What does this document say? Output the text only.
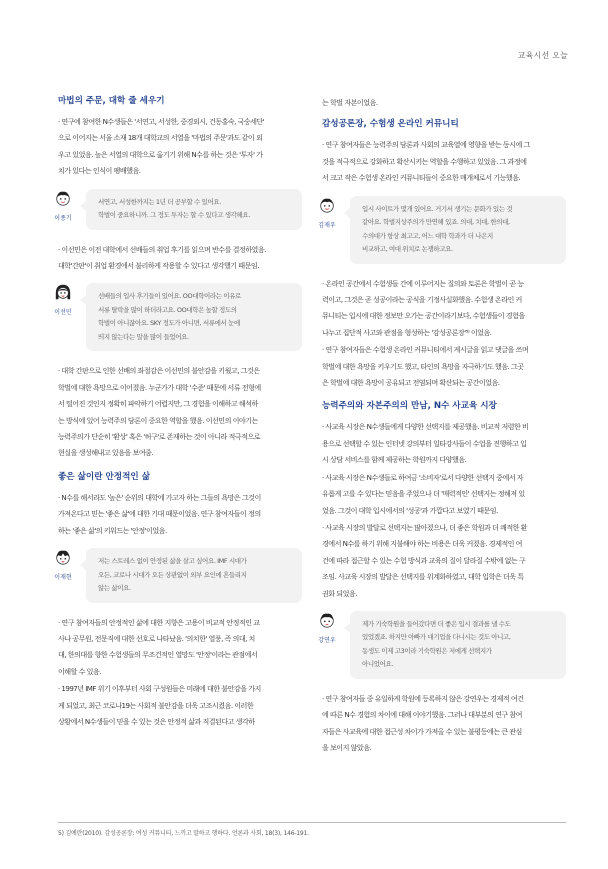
교육시선 오늘
마법의 주문, 대학 줄 세우기
· 연구에 참여한 N수생들은 '서연고, 서성한, 중경외시, 건동홍숙, 국숭세단'
으로 이어지는 서울 소재 18개 대학교의 서열을 '마법의 주문'과도 같이 외
우고 있었음. 높은 서열의 대학으로 옮기기 위해 N수를 하는 것은 '투자' 가
치가 있다는 인식이 팽배했음.
이종기
서연고, 서성한까지는 1년 더 공부할 수 있어요.
학벌이 중요하니까. 그 정도 투자는 할 수 있다고 생각해요.
· 이선민은 이전 대학에서 선배들의 취업 후기를 읽으며 반수를 결정하였음.
대학'간판'이 취업 환경에서 불리하게 작용할 수 있다고 생각했기 때문임.
이선민
선배들의 입사 후기들이 있어요. OO대학이라는 이유로
서류 탈락을 많이 하더라고요. OO대학은 높할 정도의
학벌이 아니잖아요. SKY 정도가 아니면, 서류에서 눈에
띄지 않는다는 말을 많이 들었어요.
· 대학 간판으로 인한 선배의 좌절감은 이선민의 불안감을 키웠고, 그것은
학벌에 대한 욕망으로 이어졌음. 누군가가 대학 '수준' 때문에 서류 전형에
서 떨어진 것인지 정확히 파악하기 어렵지만, 그 경험을 이해하고 해석하
는 방식에 있어 능력주의 담론이 중요한 역할을 했음. 이선민의 이야기는
능력주의가 단순히 '환상' 혹은 '허구'로 존재하는 것이 아니라 적극적으로
현실을 생성해내고 있음을 보여줌.
좋은 삶이란 안정적인 삶
· N수를 해서라도 '높은' 순위의 대학에 가고자 하는 그들의 욕망은 그것이
가져온다고 믿는 '좋은 삶'에 대한 기대 때문이었음. 연구 참여자들이 정의
하는 '좋은 삶'의 키워드는 '안정'이었음.
이재현
저는 스트레스 없이 안정된 삶을 살고 싶어요. IMF 시대가
오든, 코로나 시대가 오든 상관없이 외부 요인에 흔들리지
않는 삶이요.
· 연구 참여자들의 안정적인 삶에 대한 지향은 고용이 비교적 안정적인 교
사나 공무원, 전문직에 대한 선호로 나타났음. '의치한' 열풍, 즉 의대, 치
대, 한의대를 향한 수험생들의 무조건적인 열망도 '안정'이라는 관점에서
이해할 수 있음.
· 1997년 IMF 위기 이후부터 사회 구성원들은 미래에 대한 불안감을 가지
게 되었고, 최근 코로나19는 사회적 불안감을 더욱 고조시켰음. 이러한
상황에서 N수생들이 믿을 수 있는 것은 안정적 삶과 직결된다고 생각하
는 학벌 자본이었음.
감성공론장, 수험생 온라인 커뮤니티
· 연구 참여자들은 능력주의 담론과 사회의 교육열에 영향을 받는 동시에 그
것을 적극적으로 강화하고 확산시키는 역할을 수행하고 있었음. 그 과정에
서 크고 작은 수험생 온라인 커뮤니티들이 중요한 매개체로서 기능했음.
김재우
입시 사이트가 몇개 있어요. 거기서 생기는 문화가 있는 것
같아요. 학벌지상주의가 만연해 있죠. 의대, 치대, 한의대,
수의대가 항상 최고고, 어느 대학 학과가 더 나은지
비교하고, 여대 위치로 논쟁하고요.
· 온라인 공간에서 수험생들 간에 이루어지는 질의와 토론은 학벌이 곧 능
력이고, 그것은 곧 성공이라는 공식을 기정사실화했음. 수험생 온라인 커
뮤니티는 입시에 대한 정보만 오가는 공간이라기보다, 수험생들이 경험을
나누고 집단적 사고와 관점을 형성하는 '감성공론장'⁵⁾ 이었음.
· 연구 참여자들은 수험생 온라인 커뮤니티에서 게시글을 읽고 댓글을 쓰며
학벌에 대한 욕망을 키우기도 했고, 타인의 욕망을 자극하기도 했음. 그곳
은 학벌에 대한 욕망이 공유되고 전염되며 확산되는 공간이었음.
능력주의와 자본주의의 만남, N수 사교육 시장
· 사교육 시장은 N수생들에게 다양한 선택지를 제공했음. 비교적 저렴한 비
용으로 선택할 수 있는 인터넷 강의부터 일타강사들이 수업을 진행하고 입
시 상담 서비스를 함께 제공하는 학원까지 다양했음.
· 사교육 시장은 N수생들로 하여금 '소비자'로서 다양한 선택지 중에서 자
유롭게 고를 수 있다는 믿음을 주었으나 더 '매력적인' 선택지는 정해져 있
었음. 그것이 대학 입시에서의 '성공'과 가깝다고 보였기 때문임.
· 사교육 시장의 발달로 선택지는 많아졌으나, 더 좋은 학원과 더 쾌적한 환
경에서 N수를 하기 위해 지불해야 하는 비용은 더욱 커졌음. 경제적인 여
건에 따라 접근할 수 있는 수험 방식과 교육의 질이 달라질 수밖에 없는 구
조임. 사교육 시장의 발달은 선택지를 위계화하였고, 대학 입학은 더욱 특
권화 되었음.
강연우
제가 기숙학원을 들어갔다면 더 좋은 입시 결과를 낼 수도
있었겠죠. 하지만 아빠가 대기업을 다니시는 것도 아니고,
동생도 이제 고3이라 기숙학원은 저에게 선택지가
아니었어요.
· 연구 참여자들 중 유일하게 학원에 등록하지 않은 강연우는 경제적 여건
에 따른 N수 경험의 차이에 대해 이야기했음. 그러나 대부분의 연구 참여
자들은 사교육에 대한 접근성 차이가 가져올 수 있는 불평등에는 큰 관심
을 보이지 않았음.
5) 김예란(2010). 감성공론장: 여성 커뮤니티, 느끼고 말하고 행하다. 언론과 사회, 18(3), 146-191.
